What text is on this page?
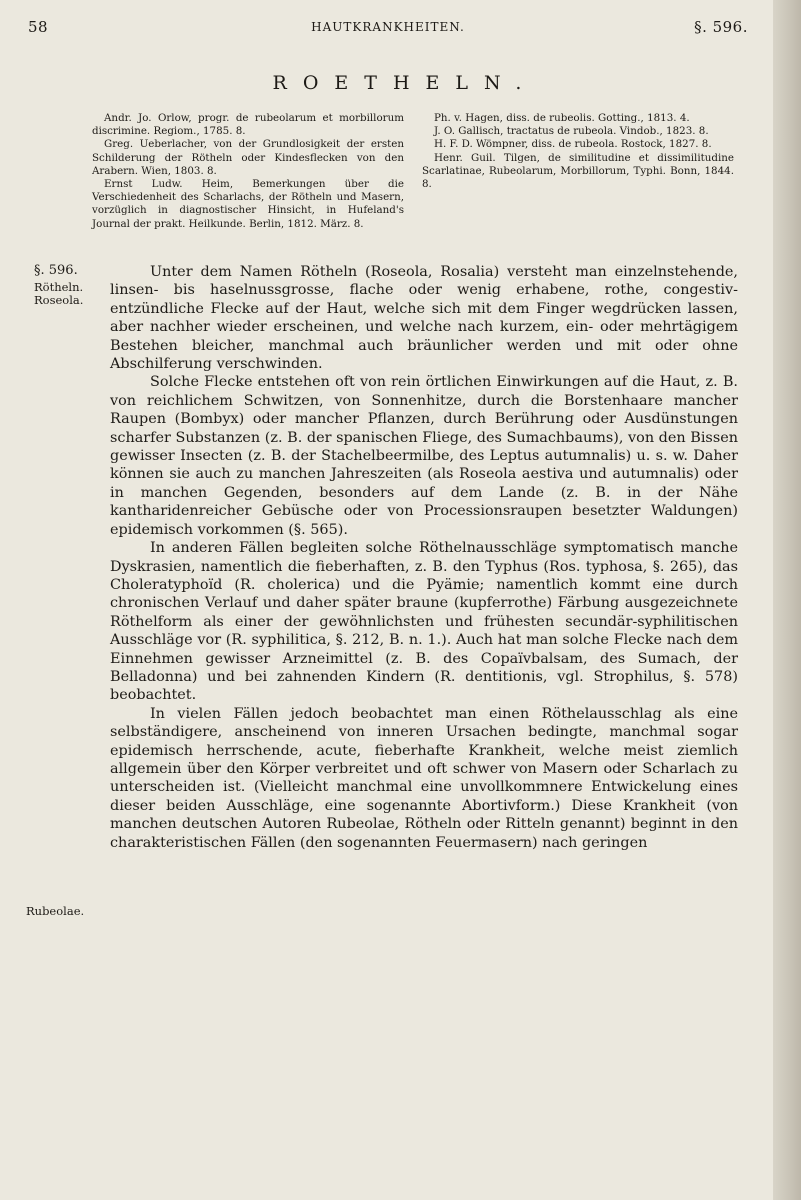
58	HAUTKRANKHEITEN.	§. 596.
ROETHELN.

Andr. Jo. Orlow, progr. de rubeolarum et morbillorum discrimine. Regiom., 1785. 8.

Greg. Ueberlacher, von der Grundlosigkeit der ersten Schilderung der Rötheln oder Kindesflecken von den Arabern. Wien, 1803. 8.

Ernst Ludw. Heim, Bemerkungen über die Verschiedenheit des Scharlachs, der Rötheln und Masern, vorzüglich in diagnostischer Hinsicht, in Hufeland's Journal der prakt. Heilkunde. Berlin, 1812. März. 8.

Ph. v. Hagen, diss. de rubeolis. Gotting., 1813. 4.

J. O. Gallisch, tractatus de rubeola. Vindob., 1823. 8.

H. F. D. Wömpner, diss. de rubeola. Rostock, 1827. 8.

Henr. Guil. Tilgen, de similitudine et dissimilitudine Scarlatinae, Rubeolarum, Morbillorum, Typhi. Bonn, 1844. 8.

§. 596.
Rötheln.
Roseola.
Rubeolae.

Unter dem Namen Rötheln (Roseola, Rosalia) versteht man einzelnstehende, linsen- bis haselnussgrosse, flache oder wenig erhabene, rothe, congestiv-entzündliche Flecke auf der Haut, welche sich mit dem Finger wegdrücken lassen, aber nachher wieder erscheinen, und welche nach kurzem, ein- oder mehrtägigem Bestehen bleicher, manchmal auch bräunlicher werden und mit oder ohne Abschilferung verschwinden.

Solche Flecke entstehen oft von rein örtlichen Einwirkungen auf die Haut, z. B. von reichlichem Schwitzen, von Sonnenhitze, durch die Borstenhaare mancher Raupen (Bombyx) oder mancher Pflanzen, durch Berührung oder Ausdünstungen scharfer Substanzen (z. B. der spanischen Fliege, des Sumachbaums), von den Bissen gewisser Insecten (z. B. der Stachelbeermilbe, des Leptus autumnalis) u. s. w. Daher können sie auch zu manchen Jahreszeiten (als Roseola aestiva und autumnalis) oder in manchen Gegenden, besonders auf dem Lande (z. B. in der Nähe kantharidenreicher Gebüsche oder von Processionsraupen besetzter Waldungen) epidemisch vorkommen (§. 565).

In anderen Fällen begleiten solche Röthelnausschläge symptomatisch manche Dyskrasien, namentlich die fieberhaften, z. B. den Typhus (Ros. typhosa, §. 265), das Choleratyphoïd (R. cholerica) und die Pyämie; namentlich kommt eine durch chronischen Verlauf und daher später braune (kupferrothe) Färbung ausgezeichnete Röthelform als einer der gewöhnlichsten und frühesten secundär-syphilitischen Ausschläge vor (R. syphilitica, §. 212, B. n. 1.). Auch hat man solche Flecke nach dem Einnehmen gewisser Arzneimittel (z. B. des Copaïvbalsam, des Sumach, der Belladonna) und bei zahnenden Kindern (R. dentitionis, vgl. Strophilus, §. 578) beobachtet.

In vielen Fällen jedoch beobachtet man einen Röthelausschlag als eine selbständigere, anscheinend von inneren Ursachen bedingte, manchmal sogar epidemisch herrschende, acute, fieberhafte Krankheit, welche meist ziemlich allgemein über den Körper verbreitet und oft schwer von Masern oder Scharlach zu unterscheiden ist. (Vielleicht manchmal eine unvollkommnere Entwickelung eines dieser beiden Ausschläge, eine sogenannte Abortivform.) Diese Krankheit (von manchen deutschen Autoren Rubeolae, Rötheln oder Ritteln genannt) beginnt in den charakteristischen Fällen (den sogenannten Feuermasern) nach geringen
